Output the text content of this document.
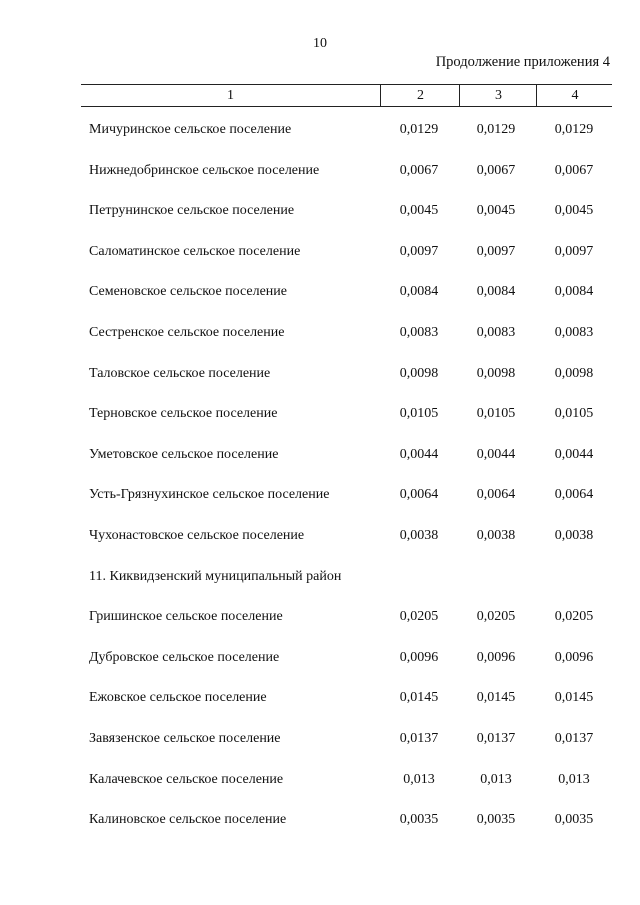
10
Продолжение приложения 4
1	2	3	4
Мичуринское сельское поселение	0,0129	0,0129	0,0129
Нижнедобринское сельское поселение	0,0067	0,0067	0,0067
Петрунинское сельское поселение	0,0045	0,0045	0,0045
Саломатинское сельское поселение	0,0097	0,0097	0,0097
Семеновское сельское поселение	0,0084	0,0084	0,0084
Сестренское сельское поселение	0,0083	0,0083	0,0083
Таловское сельское поселение	0,0098	0,0098	0,0098
Терновское сельское поселение	0,0105	0,0105	0,0105
Уметовское сельское поселение	0,0044	0,0044	0,0044
Усть-Грязнухинское сельское поселение	0,0064	0,0064	0,0064
Чухонастовское сельское поселение	0,0038	0,0038	0,0038
11. Киквидзенский муниципальный район
Гришинское сельское поселение	0,0205	0,0205	0,0205
Дубровское сельское поселение	0,0096	0,0096	0,0096
Ежовское сельское поселение	0,0145	0,0145	0,0145
Завязенское сельское поселение	0,0137	0,0137	0,0137
Калачевское сельское поселение	0,013	0,013	0,013
Калиновское сельское поселение	0,0035	0,0035	0,0035
